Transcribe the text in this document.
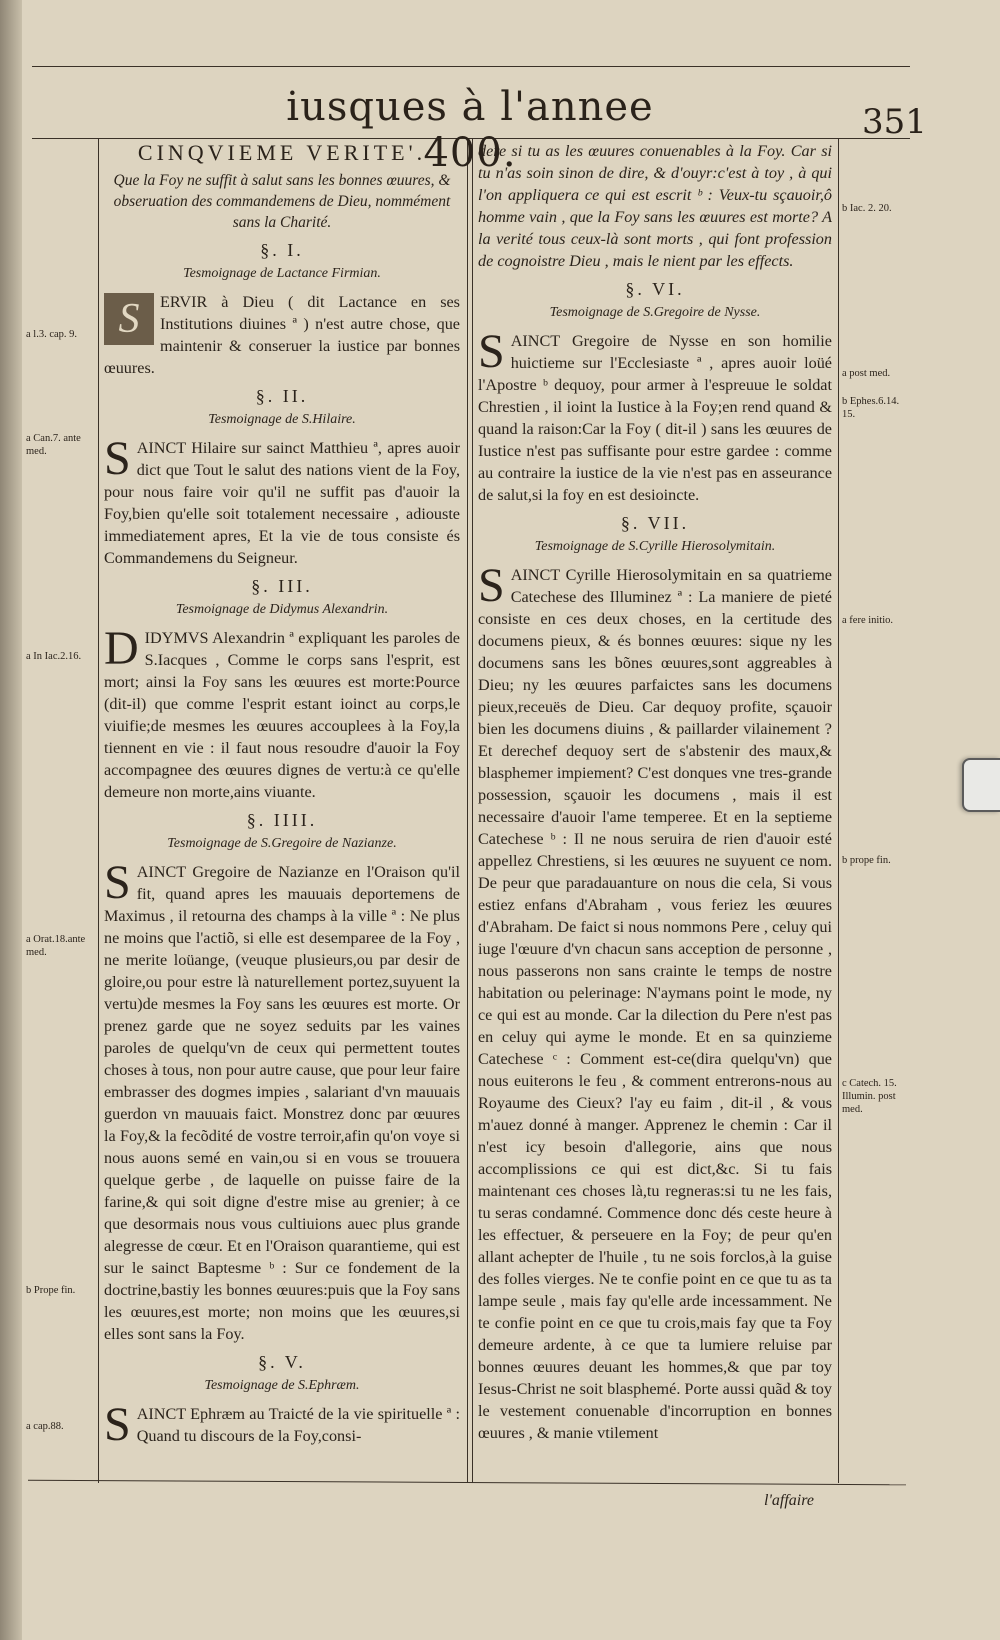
iusques à l'annee 400.
351
CINQVIEME VERITE'.
Que la Foy ne suffit à salut sans les bonnes œuures, & obseruation des commandemens de Dieu, nommément sans la Charité.
§. I.
Tesmoignage de Lactance Firmian.

S	ERVIR à Dieu ( dit Lactance en ses Institutions diuines ª ) n'est autre chose, que maintenir & conseruer la iustice par bonnes œuures.

§. II.
Tesmoignage de S.Hilaire.

SAINCT Hilaire sur sainct Matthieu ª, apres auoir dict que Tout le salut des nations vient de la Foy, pour nous faire voir qu'il ne suffit pas d'auoir la Foy,bien qu'elle soit totalement necessaire , adiouste immediatement apres, Et la vie de tous consiste és Commandemens du Seigneur.

§. III.
Tesmoignage de Didymus Alexandrin.

DIDYMVS Alexandrin ª expliquant les paroles de S.Iacques , Comme le corps sans l'esprit, est mort; ainsi la Foy sans les œuures est morte:Pource (dit-il) que comme l'esprit estant ioinct au corps,le viuifie;de mesmes les œuures accouplees à la Foy,la tiennent en vie : il faut nous resoudre d'auoir la Foy accompagnee des œuures dignes de vertu:à ce qu'elle demeure non morte,ains viuante.

§. IIII.
Tesmoignage de S.Gregoire de Nazianze.

SAINCT Gregoire de Nazianze en l'Oraison qu'il fit, quand apres les mauuais deportemens de Maximus , il retourna des champs à la ville ª : Ne plus ne moins que l'actiõ, si elle est desemparee de la Foy , ne merite loüange, (veuque plusieurs,ou par desir de gloire,ou pour estre là naturellement portez,suyuent la vertu)de mesmes la Foy sans les œuures est morte. Or prenez garde que ne soyez seduits par les vaines paroles de quelqu'vn de ceux qui permettent toutes choses à tous, non pour autre cause, que pour leur faire embrasser des dogmes impies , salariant d'vn mauuais guerdon vn mauuais faict. Monstrez donc par œuures la Foy,& la fecõdité de vostre terroir,afin qu'on voye si nous auons semé en vain,ou si en vous se trouuera quelque gerbe , de laquelle on puisse faire de la farine,& qui soit digne d'estre mise au grenier; à ce que desormais nous vous cultiuions auec plus grande alegresse de cœur. Et en l'Oraison quarantieme, qui est sur le sainct Baptesme ᵇ : Sur ce fondement de la doctrine,bastiy les bonnes œuures:puis que la Foy sans les œuures,est morte; non moins que les œuures,si elles sont sans la Foy.

§. V.
Tesmoignage de S.Ephræm.

SAINCT Ephræm au Traicté de la vie spirituelle ª : Quand tu discours de la Foy,consi-

dere si tu as les œuures conuenables à la Foy. Car si tu n'as soin sinon de dire, & d'ouyr:c'est à toy , à qui l'on appliquera ce qui est escrit ᵇ : Veux-tu sçauoir,ô homme vain , que la Foy sans les œuures est morte? A la verité tous ceux-là sont morts , qui font profession de cognoistre Dieu , mais le nient par les effects.

§. VI.
Tesmoignage de S.Gregoire de Nysse.

SAINCT Gregoire de Nysse en son homilie huictieme sur l'Ecclesiaste ª , apres auoir loüé l'Apostre ᵇ dequoy, pour armer à l'espreuue le soldat Chrestien , il ioint la Iustice à la Foy;en rend quand & quand la raison:Car la Foy ( dit-il ) sans les œuures de Iustice n'est pas suffisante pour estre gardee : comme au contraire la iustice de la vie n'est pas en asseurance de salut,si la foy en est desioincte.

§. VII.
Tesmoignage de S.Cyrille Hierosolymitain.

SAINCT Cyrille Hierosolymitain en sa quatrieme Catechese des Illuminez ª : La maniere de pieté consiste en ces deux choses, en la certitude des documens pieux, & és bonnes œuures: sique ny les documens sans les bõnes œuures,sont aggreables à Dieu; ny les œuures parfaictes sans les documens pieux,receuës de Dieu. Car dequoy profite, sçauoir bien les documens diuins , & paillarder vilainement ? Et derechef dequoy sert de s'abstenir des maux,& blasphemer impiement? C'est donques vne tres-grande possession, sçauoir les documens , mais il est necessaire d'auoir l'ame temperee. Et en la septieme Catechese ᵇ : Il ne nous seruira de rien d'auoir esté appellez Chrestiens, si les œuures ne suyuent ce nom. De peur que paradauanture on nous die cela, Si vous estiez enfans d'Abraham , vous feriez les œuures d'Abraham. De faict si nous nommons Pere , celuy qui iuge l'œuure d'vn chacun sans acception de personne , nous passerons non sans crainte le temps de nostre habitation ou pelerinage: N'aymans point le mode, ny ce qui est au monde. Car la dilection du Pere n'est pas en celuy qui ayme le monde. Et en sa quinzieme Catechese ᶜ : Comment est-ce(dira quelqu'vn) que nous euiterons le feu , & comment entrerons-nous au Royaume des Cieux? l'ay eu faim , dit-il , & vous m'auez donné à manger. Apprenez le chemin : Car il n'est icy besoin d'allegorie, ains que nous accomplissions ce qui est dict,&c. Si tu fais maintenant ces choses là,tu regneras:si tu ne les fais, tu seras condamné. Commence donc dés ceste heure à les effectuer, & perseuere en la Foy; de peur qu'en allant achepter de l'huile , tu ne sois forclos,à la guise des folles vierges. Ne te confie point en ce que tu as ta lampe seule , mais fay qu'elle arde incessamment. Ne te confie point en ce que tu crois,mais fay que ta Foy demeure ardente, à ce que ta lumiere reluise par bonnes œuures deuant les hommes,& que par toy Iesus-Christ ne soit blasphemé. Porte aussi quãd & toy le vestement conuenable d'incorruption en bonnes œuures , & manie vtilement

a l.3. cap. 9.
a Can.7. ante med.
a In Iac.2.16.
a Orat.18.ante med.
b Prope fin.
a cap.88.
b Iac. 2. 20.
a post med.
b Ephes.6.14. 15.
a fere initio.
b prope fin.
c Catech. 15. Illumin. post med.
l'affaire
